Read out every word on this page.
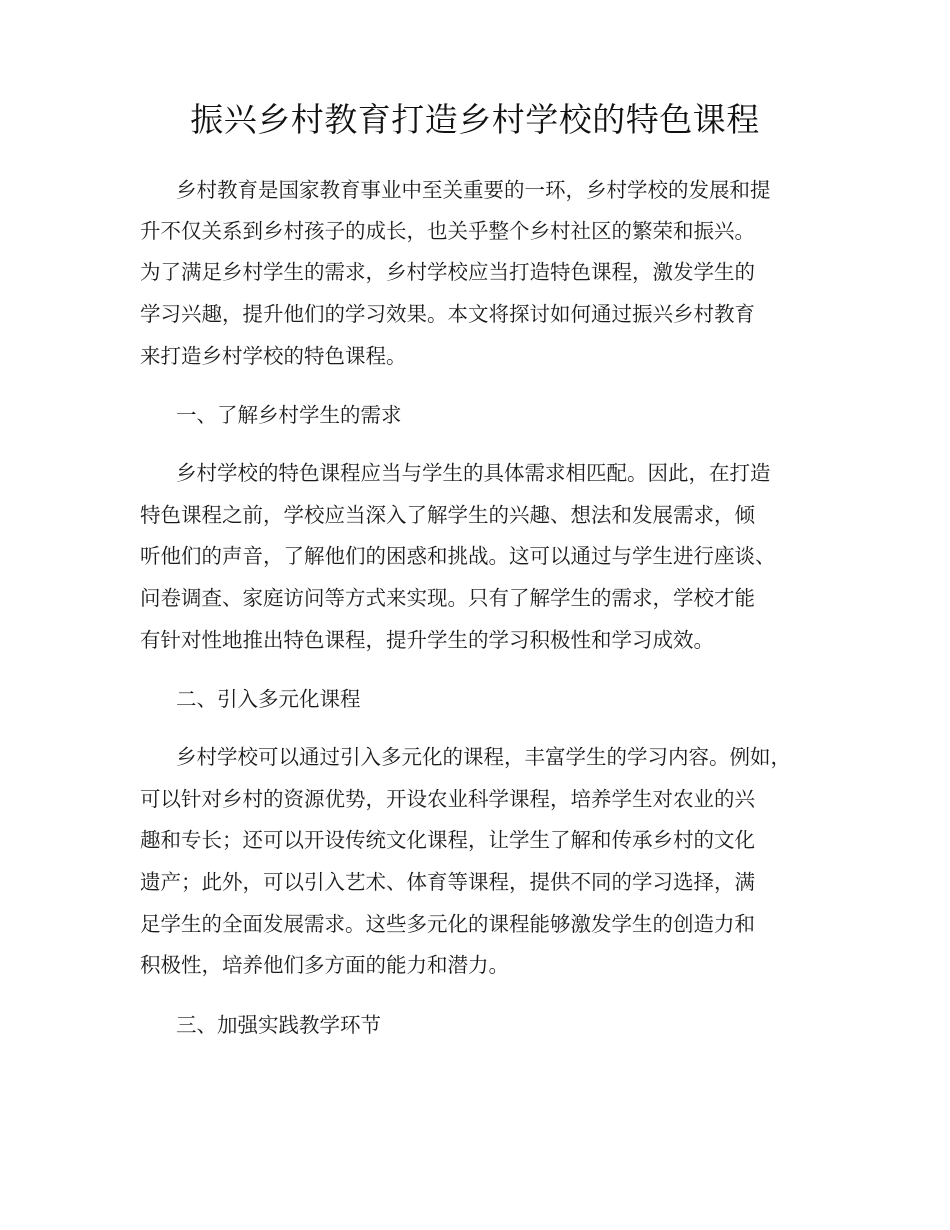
振兴乡村教育打造乡村学校的特色课程
乡村教育是国家教育事业中至关重要的一环，乡村学校的发展和提
升不仅关系到乡村孩子的成长，也关乎整个乡村社区的繁荣和振兴。
为了满足乡村学生的需求，乡村学校应当打造特色课程，激发学生的
学习兴趣，提升他们的学习效果。本文将探讨如何通过振兴乡村教育
来打造乡村学校的特色课程。
一、了解乡村学生的需求
乡村学校的特色课程应当与学生的具体需求相匹配。因此，在打造
特色课程之前，学校应当深入了解学生的兴趣、想法和发展需求，倾
听他们的声音，了解他们的困惑和挑战。这可以通过与学生进行座谈、
问卷调查、家庭访问等方式来实现。只有了解学生的需求，学校才能
有针对性地推出特色课程，提升学生的学习积极性和学习成效。
二、引入多元化课程
乡村学校可以通过引入多元化的课程，丰富学生的学习内容。例如，
可以针对乡村的资源优势，开设农业科学课程，培养学生对农业的兴
趣和专长；还可以开设传统文化课程，让学生了解和传承乡村的文化
遗产；此外，可以引入艺术、体育等课程，提供不同的学习选择，满
足学生的全面发展需求。这些多元化的课程能够激发学生的创造力和
积极性，培养他们多方面的能力和潜力。
三、加强实践教学环节
